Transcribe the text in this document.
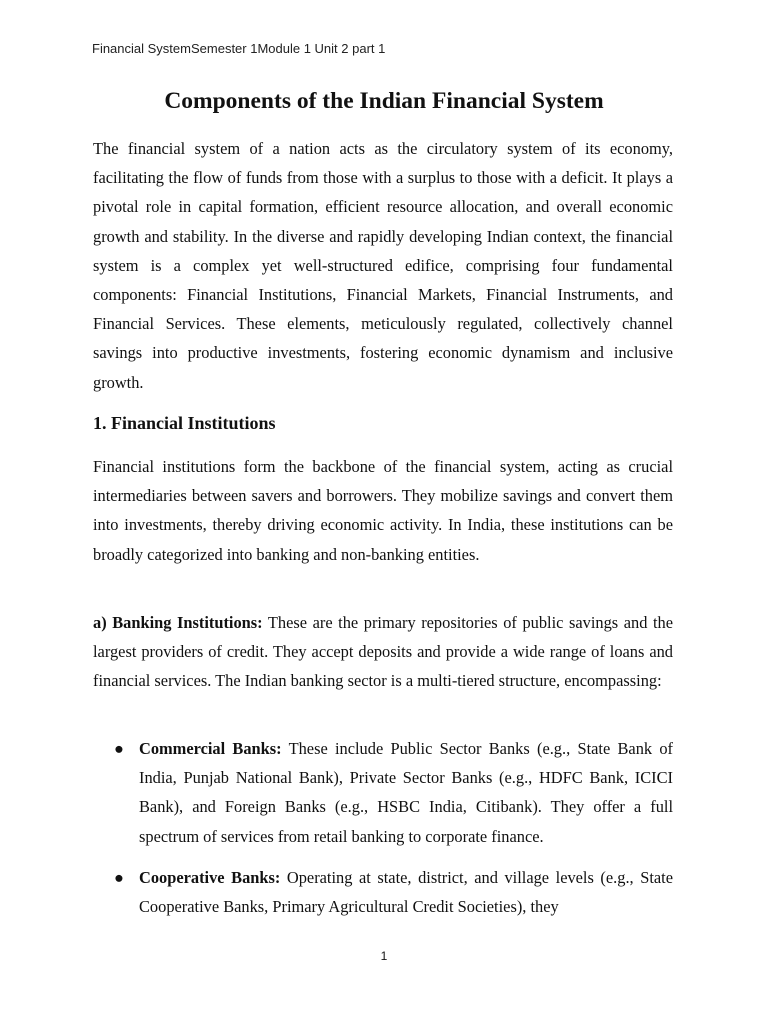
Financial SystemSemester 1Module 1 Unit 2 part 1
Components of the Indian Financial System

The financial system of a nation acts as the circulatory system of its economy, facilitating the flow of funds from those with a surplus to those with a deficit. It plays a pivotal role in capital formation, efficient resource allocation, and overall economic growth and stability. In the diverse and rapidly developing Indian context, the financial system is a complex yet well-structured edifice, comprising four fundamental components: Financial Institutions, Financial Markets, Financial Instruments, and Financial Services. These elements, meticulously regulated, collectively channel savings into productive investments, fostering economic dynamism and inclusive growth.

1. Financial Institutions

Financial institutions form the backbone of the financial system, acting as crucial intermediaries between savers and borrowers. They mobilize savings and convert them into investments, thereby driving economic activity. In India, these institutions can be broadly categorized into banking and non-banking entities.

a) Banking Institutions: These are the primary repositories of public savings and the largest providers of credit. They accept deposits and provide a wide range of loans and financial services. The Indian banking sector is a multi-tiered structure, encompassing:

● Commercial Banks: These include Public Sector Banks (e.g., State Bank of India, Punjab National Bank), Private Sector Banks (e.g., HDFC Bank, ICICI Bank), and Foreign Banks (e.g., HSBC India, Citibank). They offer a full spectrum of services from retail banking to corporate finance.

● Cooperative Banks: Operating at state, district, and village levels (e.g., State Cooperative Banks, Primary Agricultural Credit Societies), they

1
